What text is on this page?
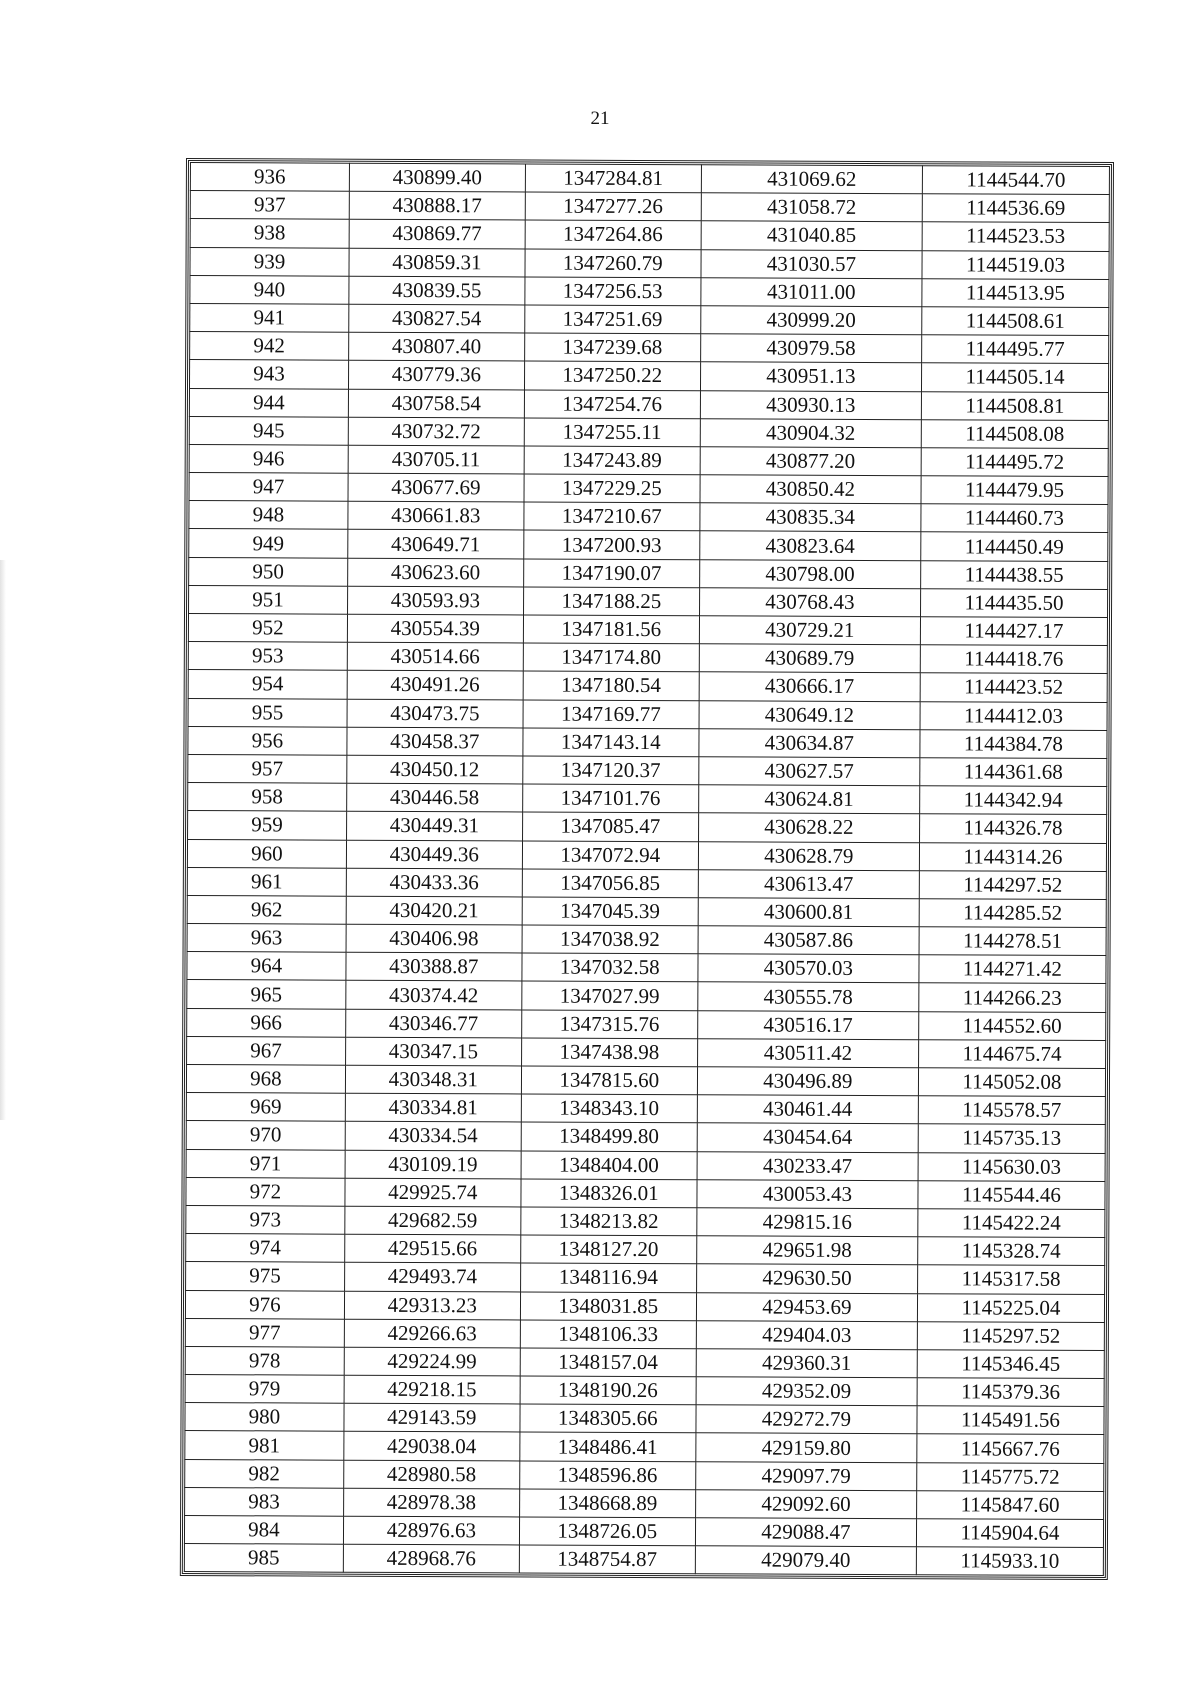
21
936	430899.40	1347284.81	431069.62	1144544.70
937	430888.17	1347277.26	431058.72	1144536.69
938	430869.77	1347264.86	431040.85	1144523.53
939	430859.31	1347260.79	431030.57	1144519.03
940	430839.55	1347256.53	431011.00	1144513.95
941	430827.54	1347251.69	430999.20	1144508.61
942	430807.40	1347239.68	430979.58	1144495.77
943	430779.36	1347250.22	430951.13	1144505.14
944	430758.54	1347254.76	430930.13	1144508.81
945	430732.72	1347255.11	430904.32	1144508.08
946	430705.11	1347243.89	430877.20	1144495.72
947	430677.69	1347229.25	430850.42	1144479.95
948	430661.83	1347210.67	430835.34	1144460.73
949	430649.71	1347200.93	430823.64	1144450.49
950	430623.60	1347190.07	430798.00	1144438.55
951	430593.93	1347188.25	430768.43	1144435.50
952	430554.39	1347181.56	430729.21	1144427.17
953	430514.66	1347174.80	430689.79	1144418.76
954	430491.26	1347180.54	430666.17	1144423.52
955	430473.75	1347169.77	430649.12	1144412.03
956	430458.37	1347143.14	430634.87	1144384.78
957	430450.12	1347120.37	430627.57	1144361.68
958	430446.58	1347101.76	430624.81	1144342.94
959	430449.31	1347085.47	430628.22	1144326.78
960	430449.36	1347072.94	430628.79	1144314.26
961	430433.36	1347056.85	430613.47	1144297.52
962	430420.21	1347045.39	430600.81	1144285.52
963	430406.98	1347038.92	430587.86	1144278.51
964	430388.87	1347032.58	430570.03	1144271.42
965	430374.42	1347027.99	430555.78	1144266.23
966	430346.77	1347315.76	430516.17	1144552.60
967	430347.15	1347438.98	430511.42	1144675.74
968	430348.31	1347815.60	430496.89	1145052.08
969	430334.81	1348343.10	430461.44	1145578.57
970	430334.54	1348499.80	430454.64	1145735.13
971	430109.19	1348404.00	430233.47	1145630.03
972	429925.74	1348326.01	430053.43	1145544.46
973	429682.59	1348213.82	429815.16	1145422.24
974	429515.66	1348127.20	429651.98	1145328.74
975	429493.74	1348116.94	429630.50	1145317.58
976	429313.23	1348031.85	429453.69	1145225.04
977	429266.63	1348106.33	429404.03	1145297.52
978	429224.99	1348157.04	429360.31	1145346.45
979	429218.15	1348190.26	429352.09	1145379.36
980	429143.59	1348305.66	429272.79	1145491.56
981	429038.04	1348486.41	429159.80	1145667.76
982	428980.58	1348596.86	429097.79	1145775.72
983	428978.38	1348668.89	429092.60	1145847.60
984	428976.63	1348726.05	429088.47	1145904.64
985	428968.76	1348754.87	429079.40	1145933.10
